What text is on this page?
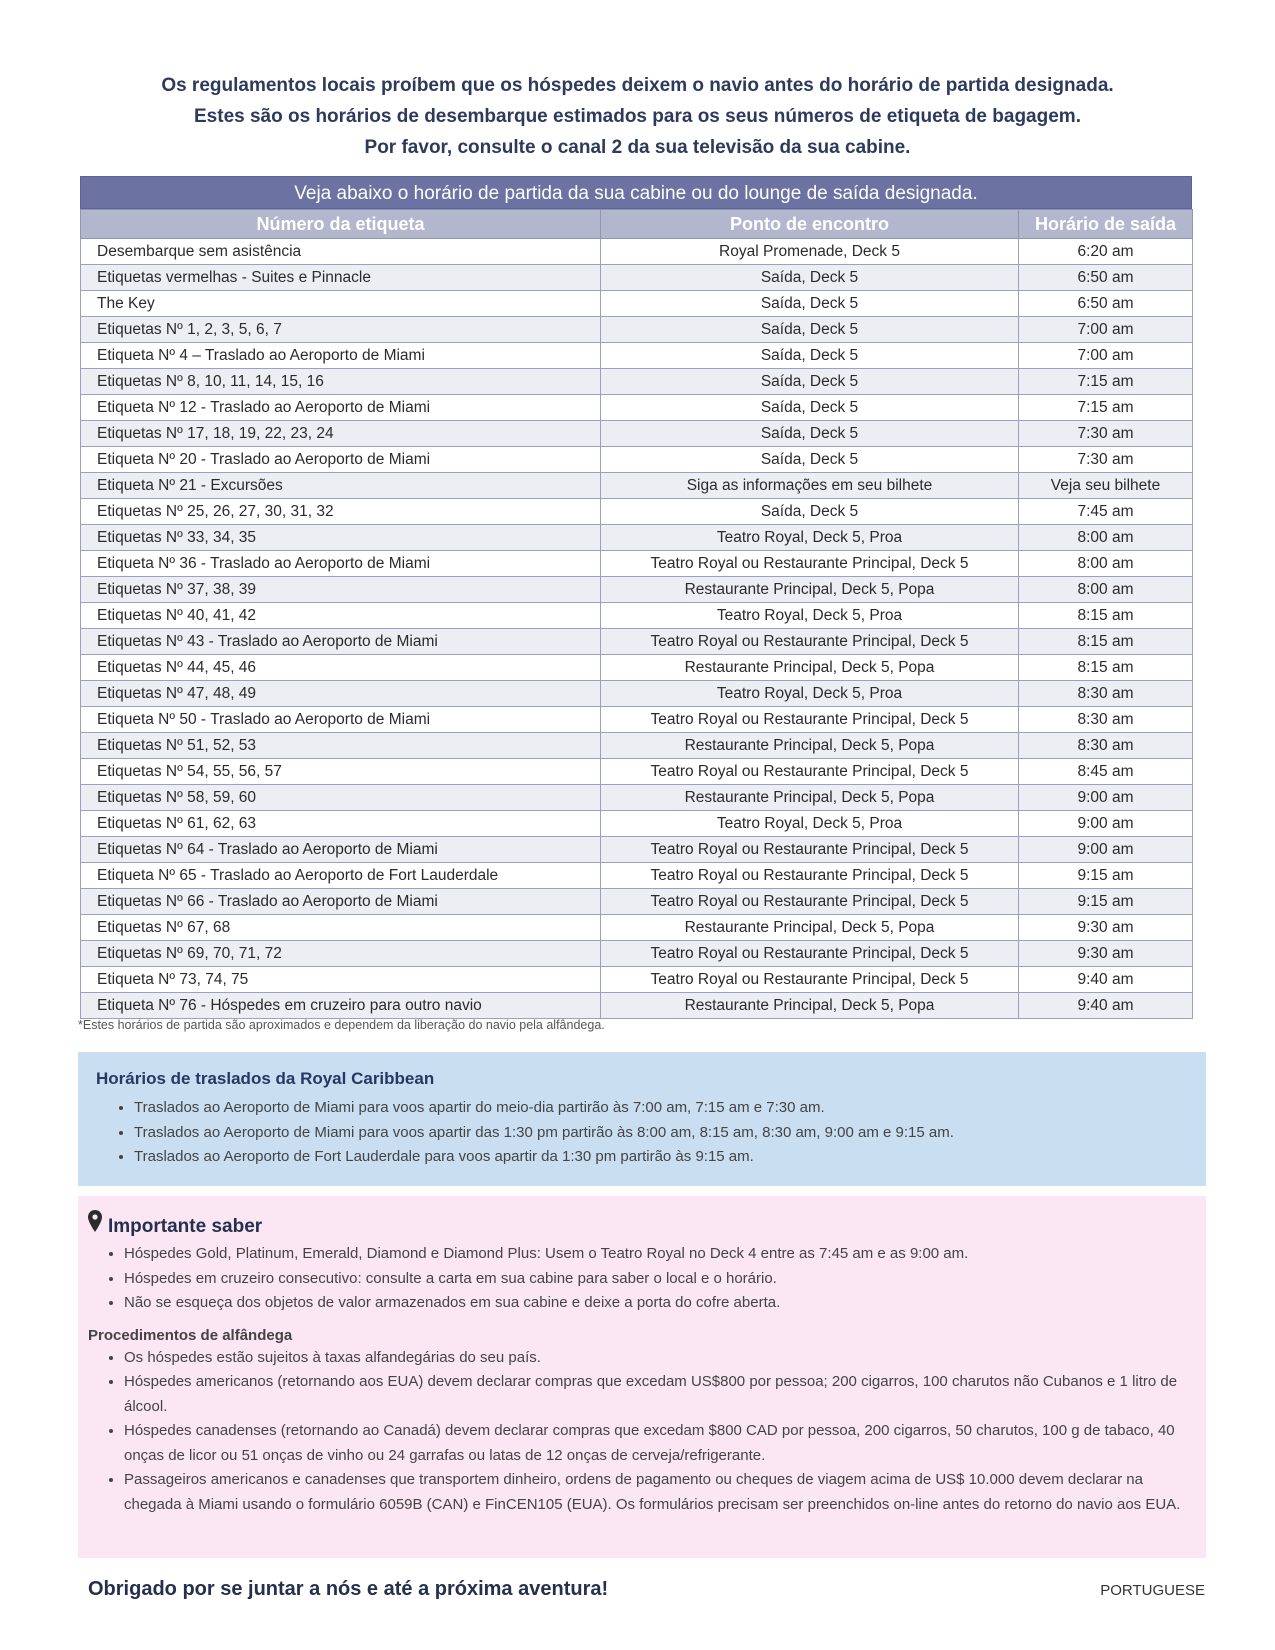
Os regulamentos locais proíbem que os hóspedes deixem o navio antes do horário de partida designada.
Estes são os horários de desembarque estimados para os seus números de etiqueta de bagagem.
Por favor, consulte o canal 2 da sua televisão da sua cabine.
Veja abaixo o horário de partida da sua cabine ou do lounge de saída designada.
Número da etiqueta	Ponto de encontro	Horário de saída
Desembarque sem asistência	Royal Promenade, Deck 5	6:20 am
Etiquetas vermelhas - Suites e Pinnacle	Saída, Deck 5	6:50 am
The Key	Saída, Deck 5	6:50 am
Etiquetas Nº 1, 2, 3, 5, 6, 7	Saída, Deck 5	7:00 am
Etiqueta Nº 4 – Traslado ao Aeroporto de Miami	Saída, Deck 5	7:00 am
Etiquetas Nº 8, 10, 11, 14, 15, 16	Saída, Deck 5	7:15 am
Etiqueta Nº 12 - Traslado ao Aeroporto de Miami	Saída, Deck 5	7:15 am
Etiquetas Nº 17, 18, 19, 22, 23, 24	Saída, Deck 5	7:30 am
Etiqueta Nº 20 - Traslado ao Aeroporto de Miami	Saída, Deck 5	7:30 am
Etiqueta Nº 21 - Excursões	Siga as informações em seu bilhete	Veja seu bilhete
Etiquetas Nº 25, 26, 27, 30, 31, 32	Saída, Deck 5	7:45 am
Etiquetas Nº 33, 34, 35	Teatro Royal, Deck 5, Proa	8:00 am
Etiqueta Nº 36 - Traslado ao Aeroporto de Miami	Teatro Royal ou Restaurante Principal, Deck 5	8:00 am
Etiquetas Nº 37, 38, 39	Restaurante Principal, Deck 5, Popa	8:00 am
Etiquetas Nº 40, 41, 42	Teatro Royal, Deck 5, Proa	8:15 am
Etiquetas Nº 43 - Traslado ao Aeroporto de Miami	Teatro Royal ou Restaurante Principal, Deck 5	8:15 am
Etiquetas Nº 44, 45, 46	Restaurante Principal, Deck 5, Popa	8:15 am
Etiquetas Nº 47, 48, 49	Teatro Royal, Deck 5, Proa	8:30 am
Etiqueta Nº 50 - Traslado ao Aeroporto de Miami	Teatro Royal ou Restaurante Principal, Deck 5	8:30 am
Etiquetas Nº 51, 52, 53	Restaurante Principal, Deck 5, Popa	8:30 am
Etiquetas Nº 54, 55, 56, 57	Teatro Royal ou Restaurante Principal, Deck 5	8:45 am
Etiquetas Nº 58, 59, 60	Restaurante Principal, Deck 5, Popa	9:00 am
Etiquetas Nº 61, 62, 63	Teatro Royal, Deck 5, Proa	9:00 am
Etiquetas Nº 64 - Traslado ao Aeroporto de Miami	Teatro Royal ou Restaurante Principal, Deck 5	9:00 am
Etiqueta Nº 65 - Traslado ao Aeroporto de Fort Lauderdale	Teatro Royal ou Restaurante Principal, Deck 5	9:15 am
Etiquetas Nº 66 - Traslado ao Aeroporto de Miami	Teatro Royal ou Restaurante Principal, Deck 5	9:15 am
Etiquetas Nº 67, 68	Restaurante Principal, Deck 5, Popa	9:30 am
Etiquetas Nº 69, 70, 71, 72	Teatro Royal ou Restaurante Principal, Deck 5	9:30 am
Etiqueta Nº 73, 74, 75	Teatro Royal ou Restaurante Principal, Deck 5	9:40 am
Etiqueta Nº 76 - Hóspedes em cruzeiro para outro navio	Restaurante Principal, Deck 5, Popa	9:40 am
*Estes horários de partida são aproximados e dependem da liberação do navio pela alfândega.
Horários de traslados da Royal Caribbean
• Traslados ao Aeroporto de Miami para voos apartir do meio-dia partirão às 7:00 am, 7:15 am e 7:30 am.
• Traslados ao Aeroporto de Miami para voos apartir das 1:30 pm partirão às 8:00 am, 8:15 am, 8:30 am, 9:00 am e 9:15 am.
• Traslados ao Aeroporto de Fort Lauderdale para voos apartir da 1:30 pm partirão às 9:15 am.
Importante saber
• Hóspedes Gold, Platinum, Emerald, Diamond e Diamond Plus: Usem o Teatro Royal no Deck 4 entre as 7:45 am e as 9:00 am.
• Hóspedes em cruzeiro consecutivo: consulte a carta em sua cabine para saber o local e o horário.
• Não se esqueça dos objetos de valor armazenados em sua cabine e deixe a porta do cofre aberta.
Procedimentos de alfândega
• Os hóspedes estão sujeitos à taxas alfandegárias do seu país.
• Hóspedes americanos (retornando aos EUA) devem declarar compras que excedam US$800 por pessoa; 200 cigarros, 100 charutos não Cubanos e 1 litro de álcool.
• Hóspedes canadenses (retornando ao Canadá) devem declarar compras que excedam $800 CAD por pessoa, 200 cigarros, 50 charutos, 100 g de tabaco, 40 onças de licor ou 51 onças de vinho ou 24 garrafas ou latas de 12 onças de cerveja/refrigerante.
• Passageiros americanos e canadenses que transportem dinheiro, ordens de pagamento ou cheques de viagem acima de US$ 10.000 devem declarar na chegada à Miami usando o formulário 6059B (CAN) e FinCEN105 (EUA). Os formulários precisam ser preenchidos on-line antes do retorno do navio aos EUA.
Obrigado por se juntar a nós e até a próxima aventura!	PORTUGUESE
